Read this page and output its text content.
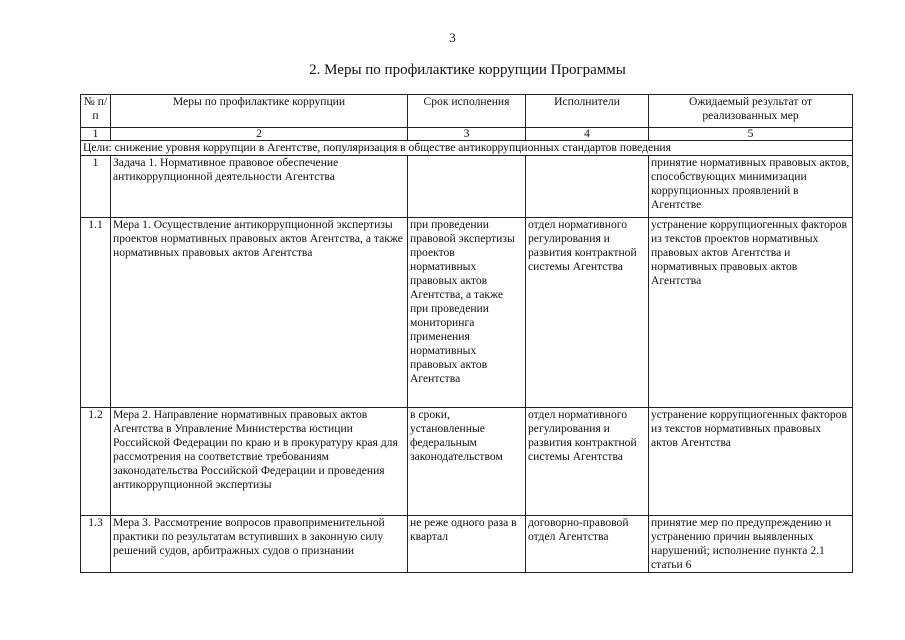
3
2. Меры по профилактике коррупции Программы
№ п/п	Меры по профилактике коррупции	Срок исполнения	Исполнители	Ожидаемый результат от реализованных мер
1	2	3	4	5
Цели: снижение уровня коррупции в Агентстве, популяризация в обществе антикоррупционных стандартов поведения				
1	Задача 1. Нормативное правовое обеспечение антикоррупционной деятельности Агентства			принятие нормативных правовых актов, способствующих минимизации коррупционных проявлений в Агентстве
1.1	Мера 1. Осуществление антикоррупционной экспертизы проектов нормативных правовых актов Агентства, а также нормативных правовых актов Агентства	при проведении правовой экспертизы проектов нормативных правовых актов Агентства, а также при проведении мониторинга применения нормативных правовых актов Агентства	отдел нормативного регулирования и развития контрактной системы Агентства	устранение коррупциогенных факторов из текстов проектов нормативных правовых актов Агентства и нормативных правовых актов Агентства
1.2	Мера 2. Направление нормативных правовых актов Агентства в Управление Министерства юстиции Российской Федерации по краю и в прокуратуру края для рассмотрения на соответствие требованиям законодательства Российской Федерации и проведения антикоррупционной экспертизы	в сроки, установленные федеральным законодательством	отдел нормативного регулирования и развития контрактной системы Агентства	устранение коррупциогенных факторов из текстов нормативных правовых актов Агентства
1.3	Мера 3. Рассмотрение вопросов правоприменительной практики по результатам вступивших в законную силу решений судов, арбитражных судов о признании	не реже одного раза в квартал	договорно-правовой отдел Агентства	принятие мер по предупреждению и устранению причин выявленных нарушений; исполнение пункта 2.1 статьи 6
